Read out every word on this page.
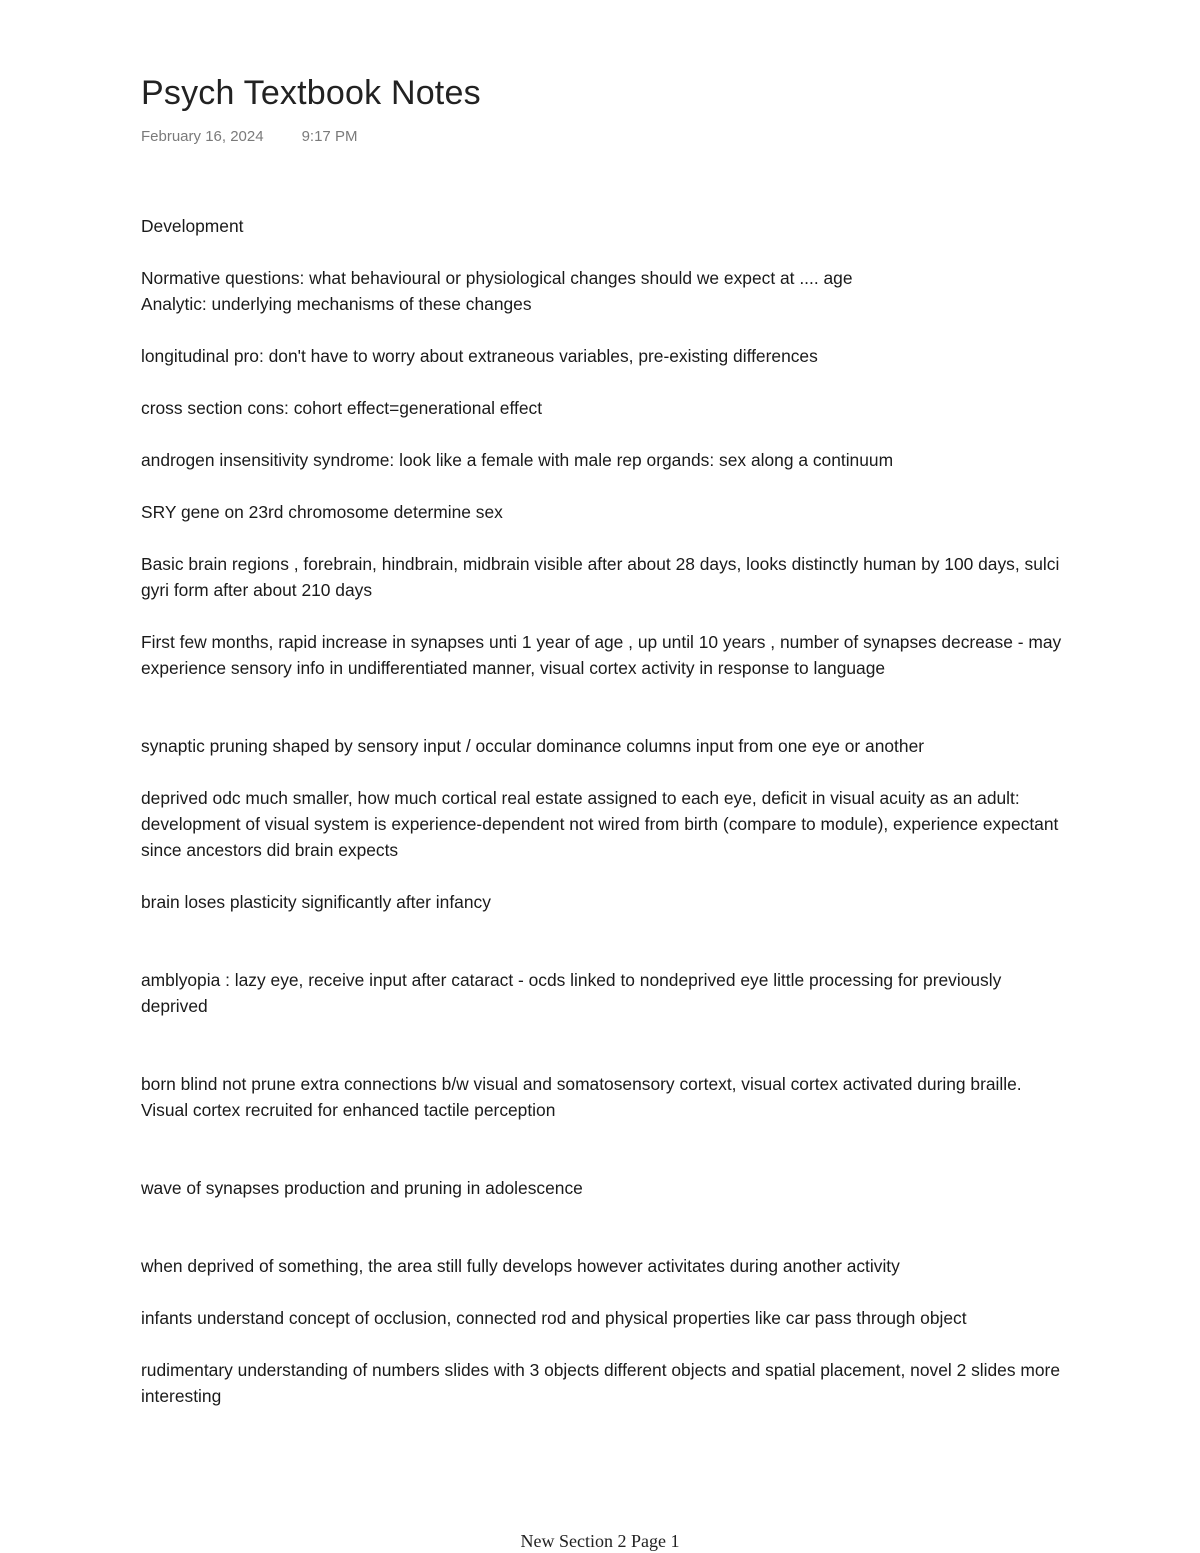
Psych Textbook Notes
February 16, 2024	9:17 PM

Development

Normative questions: what behavioural or physiological changes should we expect at .... age

Analytic: underlying mechanisms of these changes

longitudinal pro: don't have to worry about extraneous variables, pre-existing differences

cross section cons: cohort effect=generational effect

androgen insensitivity syndrome: look like a female with male rep organds: sex along a continuum

SRY gene on 23rd chromosome determine sex

Basic brain regions , forebrain, hindbrain, midbrain visible after about 28 days, looks distinctly human by 100 days, sulci gyri form after about 210 days

First few months, rapid increase in synapses unti 1 year of age , up until 10 years , number of synapses decrease - may experience sensory info in undifferentiated manner, visual cortex activity in response to language

synaptic pruning shaped by sensory input / occular dominance columns input from one eye or another

deprived odc much smaller, how much cortical real estate assigned to each eye, deficit in visual acuity as an adult: development of visual system is experience-dependent not wired from birth (compare to module), experience expectant since ancestors did brain expects

brain loses plasticity significantly after infancy

amblyopia : lazy eye, receive input after cataract - ocds linked to nondeprived eye little processing for previously deprived

born blind not prune extra connections b/w visual and somatosensory cortext, visual cortex activated during braille. Visual cortex recruited for enhanced tactile perception

wave of synapses production and pruning in adolescence

when deprived of something, the area still fully develops however activitates during another activity

infants understand concept of occlusion, connected rod and physical properties like car pass through object

rudimentary understanding of numbers slides with 3 objects different objects and spatial placement, novel 2 slides more interesting

New Section 2 Page 1
